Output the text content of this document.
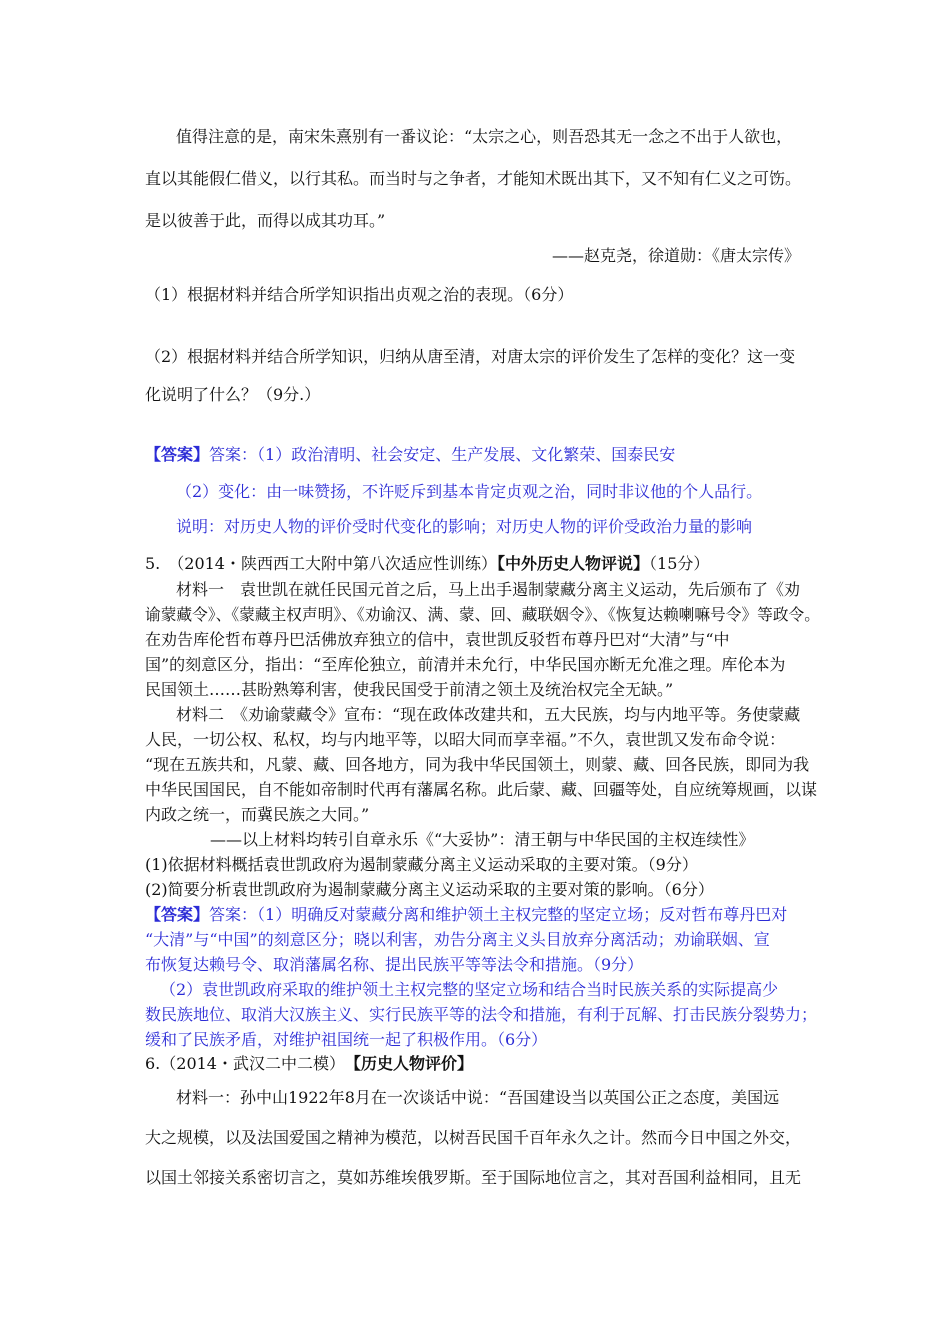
值得注意的是，南宋朱熹别有一番议论：“太宗之心，则吾恐其无一念之不出于人欲也，
直以其能假仁借义，以行其私。而当时与之争者，才能知术既出其下，又不知有仁义之可饬。
是以彼善于此，而得以成其功耳。”
——赵克尧，徐道勋：《唐太宗传》
（1）根据材料并结合所学知识指出贞观之治的表现。（6分）
（2）根据材料并结合所学知识，归纳从唐至清，对唐太宗的评价发生了怎样的变化？这一变
化说明了什么？（9分.）
【答案】答案：（1）政治清明、社会安定、生产发展、文化繁荣、国泰民安
（2）变化：由一味赞扬，不许贬斥到基本肯定贞观之治，同时非议他的个人品行。
说明：对历史人物的评价受时代变化的影响；对历史人物的评价受政治力量的影响
5.　（2014・陕西西工大附中第八次适应性训练）【中外历史人物评说】（15分）
材料一　袁世凯在就任民国元首之后，马上出手遏制蒙藏分离主义运动，先后颁布了《劝
谕蒙藏令》、《蒙藏主权声明》、《劝谕汉、满、蒙、回、藏联姻令》、《恢复达赖喇嘛号令》等政令。
在劝告库伦哲布尊丹巴活佛放弃独立的信中，袁世凯反驳哲布尊丹巴对“大清”与“中
国”的刻意区分，指出：“至库伦独立，前清并未允行，中华民国亦断无允准之理。库伦本为
民国领土……甚盼熟筹利害，使我民国受于前清之领土及统治权完全无缺。”
材料二　《劝谕蒙藏令》宣布：“现在政体改建共和，五大民族，均与内地平等。务使蒙藏
人民，一切公权、私权，均与内地平等，以昭大同而享幸福。”不久，袁世凯又发布命令说：
“现在五族共和，凡蒙、藏、回各地方，同为我中华民国领土，则蒙、藏、回各民族，即同为我
中华民国国民，自不能如帝制时代再有藩属名称。此后蒙、藏、回疆等处，自应统筹规画，以谋
内政之统一，而冀民族之大同。”
——以上材料均转引自章永乐《“大妥协”：清王朝与中华民国的主权连续性》
(1)依据材料概括袁世凯政府为遏制蒙藏分离主义运动采取的主要对策。（9分）
(2)简要分析袁世凯政府为遏制蒙藏分离主义运动采取的主要对策的影响。（6分）
【答案】答案：（1）明确反对蒙藏分离和维护领土主权完整的坚定立场；反对哲布尊丹巴对
“大清”与“中国”的刻意区分；晓以利害，劝告分离主义头目放弃分离活动；劝谕联姻、宣
布恢复达赖号令、取消藩属名称、提出民族平等等法令和措施。（9分）
（2）袁世凯政府采取的维护领土主权完整的坚定立场和结合当时民族关系的实际提高少
数民族地位、取消大汉族主义、实行民族平等的法令和措施，有利于瓦解、打击民族分裂势力；
缓和了民族矛盾，对维护祖国统一起了积极作用。（6分）
6.（2014・武汉二中二模）　【历史人物评价】
材料一：孙中山1922年8月在一次谈话中说：“吾国建设当以英国公正之态度，美国远
大之规模，以及法国爱国之精神为模范，以树吾民国千百年永久之计。然而今日中国之外交，
以国土邻接关系密切言之，莫如苏维埃俄罗斯。至于国际地位言之，其对吾国利益相同，且无
